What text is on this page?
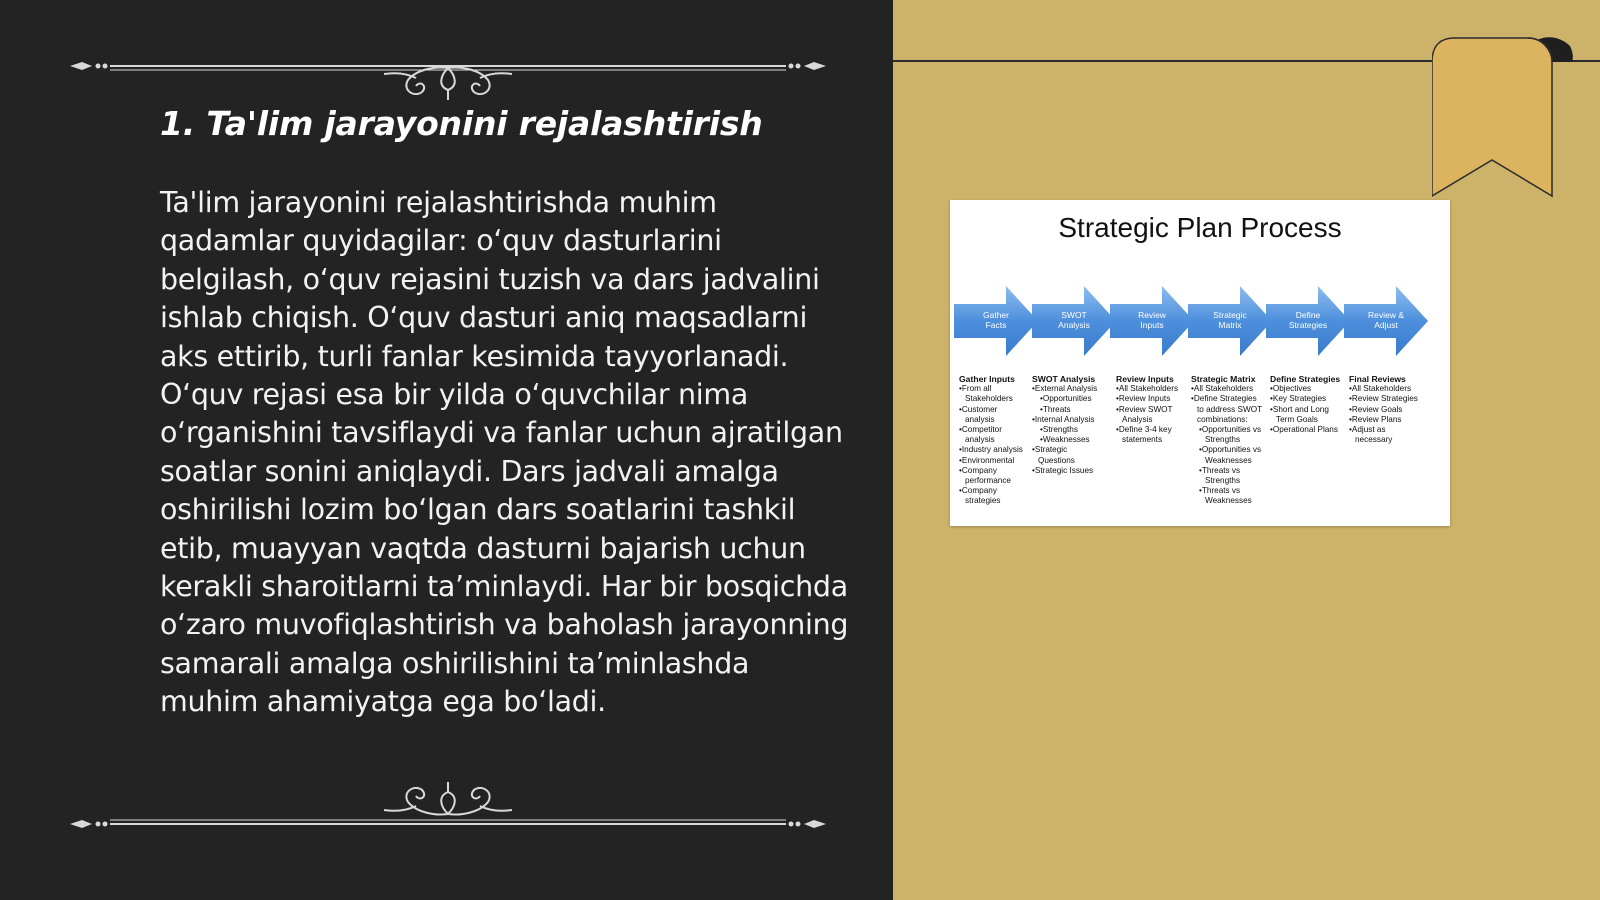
1. Ta'lim jarayonini rejalashtirish

Ta'lim jarayonini rejalashtirishda muhim qadamlar quyidagilar: o‘quv dasturlarini belgilash, o‘quv rejasini tuzish va dars jadvalini ishlab chiqish. O‘quv dasturi aniq maqsadlarni aks ettirib, turli fanlar kesimida tayyorlanadi. O‘quv rejasi esa bir yilda o‘quvchilar nima o‘rganishini tavsiflaydi va fanlar uchun ajratilgan soatlar sonini aniqlaydi. Dars jadvali amalga oshirilishi lozim bo‘lgan dars soatlarini tashkil etib, muayyan vaqtda dasturni bajarish uchun kerakli sharoitlarni ta’minlaydi. Har bir bosqichda o‘zaro muvofiqlashtirish va baholash jarayonning samarali amalga oshirilishini ta’minlashda muhim ahamiyatga ega bo‘ladi.

Strategic Plan Process
Gather
Facts
SWOT
Analysis
Review
Inputs
Strategic
Matrix
Define
Strategies
Review &
Adjust
Gather Inputs
• From all
Stakeholders
• Customer
analysis
• Competitor
analysis
• Industry analysis
• Environmental
• Company
performance
• Company
strategies
SWOT Analysis
• External Analysis
• Opportunities
• Threats
• Internal Analysis
• Strengths
• Weaknesses
• Strategic
Questions
• Strategic Issues
Review Inputs
• All Stakeholders
• Review Inputs
• Review SWOT
Analysis
• Define 3-4 key
statements
Strategic Matrix
• All Stakeholders
• Define Strategies
to address SWOT
combinations:
• Opportunities vs
Strengths
• Opportunities vs
Weaknesses
• Threats vs
Strengths
• Threats vs
Weaknesses
Define Strategies
• Objectives
• Key Strategies
• Short and Long
Term Goals
• Operational Plans
Final Reviews
• All Stakeholders
• Review Strategies
• Review Goals
• Review Plans
• Adjust as
necessary
